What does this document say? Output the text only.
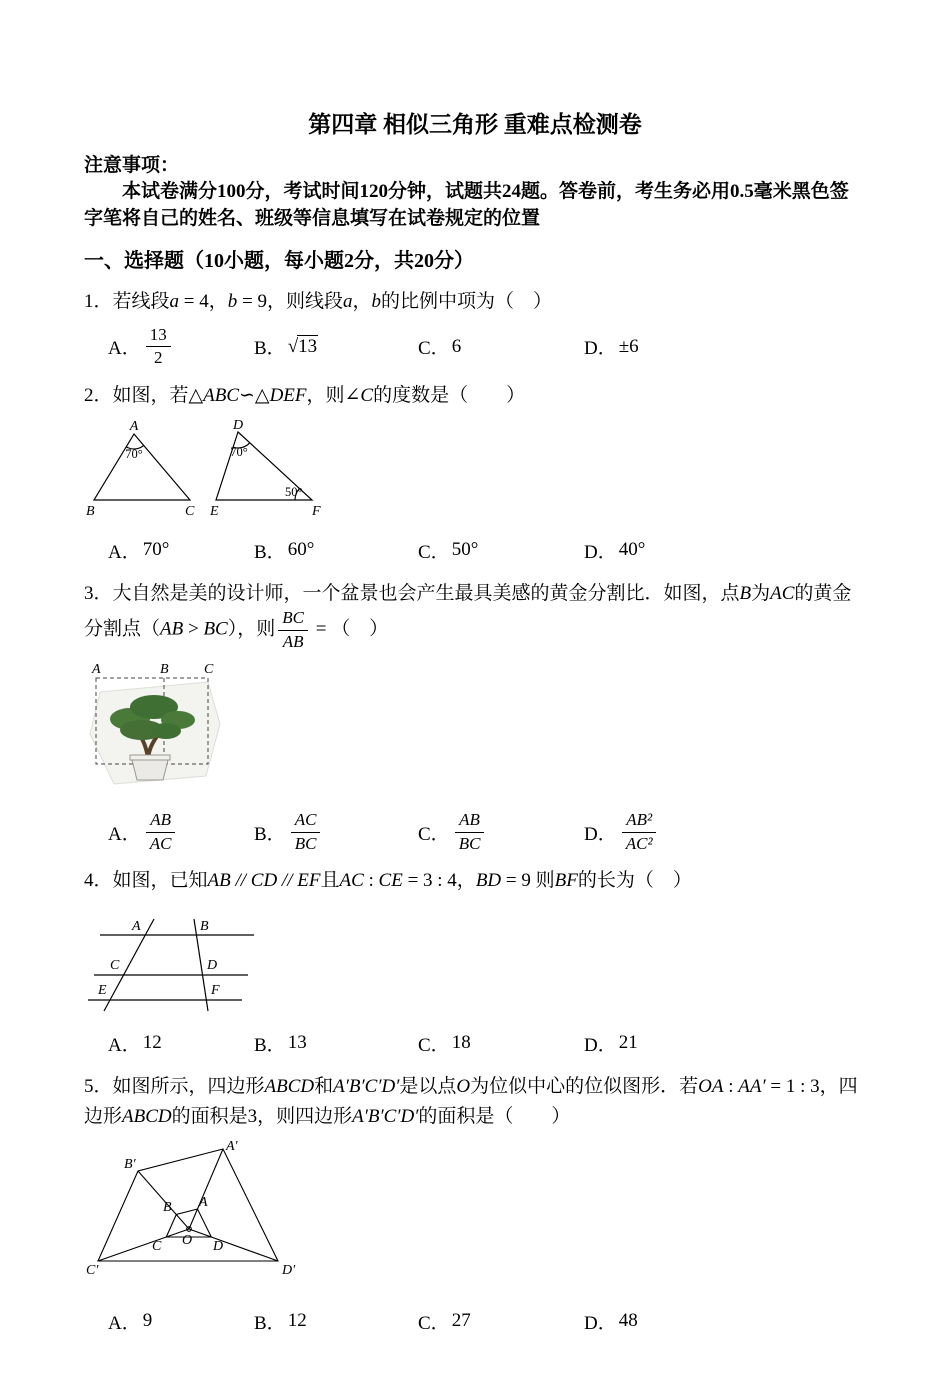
第四章 相似三角形 重难点检测卷

注意事项：

本试卷满分100分，考试时间120分钟，试题共24题。答卷前，考生务必用0.5毫米黑色签字笔将自己的姓名、班级等信息填写在试卷规定的位置

一、选择题（10小题，每小题2分，共20分）

1．若线段a = 4，b = 9，则线段a，b的比例中项为（　）

A． $\frac{13}{2}$	B． √13	C． 6	D． ±6

2．如图，若△ABC∽△DEF，则∠C的度数是（　　）

A
70°
B	C
D
70°
50°
E	F
A． 70°	B． 60°	C． 50°	D． 40°

3．大自然是美的设计师，一个盆景也会产生最具美感的黄金分割比．如图，点B为AC的黄金分割点（AB > BC），则 $\frac{BC}{AB}$ = （　）

A	B	C
A． $\frac{AB}{AC}$	B． $\frac{AC}{BC}$	C． $\frac{AB}{BC}$	D． $\frac{\text{AB²}}{\text{AC²}}$

4．如图，已知AB // CD // EF且AC : CE = 3 : 4，BD = 9 则BF的长为（　）

A	B
C	D
E	F
A． 12	B． 13	C． 18	D． 21

5．如图所示，四边形ABCD和A′B′C′D′是以点O为位似中心的位似图形．若OA : AA′ = 1 : 3，四边形ABCD的面积是3，则四边形A′B′C′D′的面积是（　　）

A′
B′
A
B
O
C	D
C′	D′
A． 9	B． 12	C． 27	D． 48
